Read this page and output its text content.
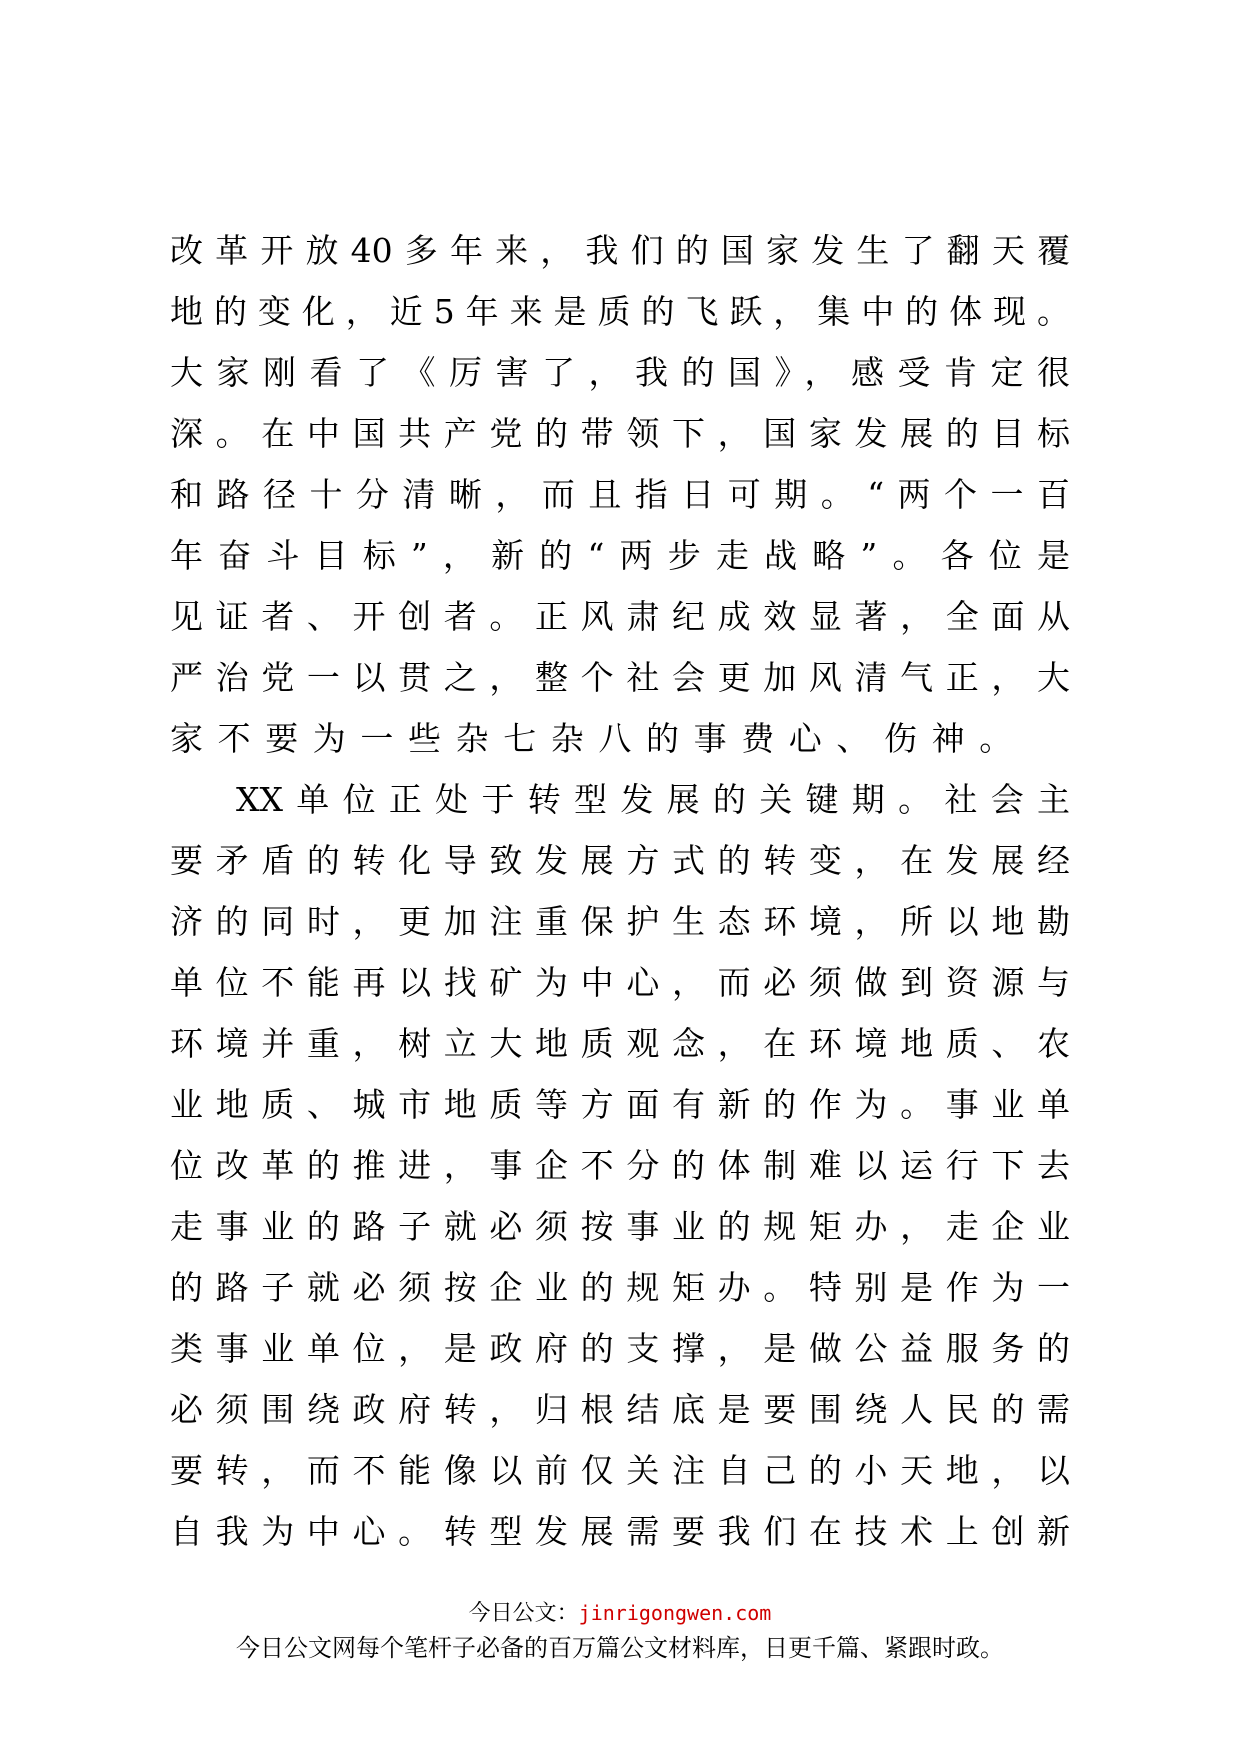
改革开放40多年来，我们的国家发生了翻天覆
地的变化，近5年来是质的飞跃，集中的体现。
大家刚看了《厉害了，我的国》，感受肯定很
深。在中国共产党的带领下，国家发展的目标
和路径十分清晰，而且指日可期。“两个一百
年奋斗目标”，新的“两步走战略”。各位是
见证者、开创者。正风肃纪成效显著，全面从
严治党一以贯之，整个社会更加风清气正，大
家不要为一些杂七杂八的事费心、伤神。
XX单位正处于转型发展的关键期。社会主
要矛盾的转化导致发展方式的转变，在发展经
济的同时，更加注重保护生态环境，所以地勘
单位不能再以找矿为中心，而必须做到资源与
环境并重，树立大地质观念，在环境地质、农
业地质、城市地质等方面有新的作为。事业单
位改革的推进，事企不分的体制难以运行下去
走事业的路子就必须按事业的规矩办，走企业
的路子就必须按企业的规矩办。特别是作为一
类事业单位，是政府的支撑，是做公益服务的
必须围绕政府转，归根结底是要围绕人民的需
要转，而不能像以前仅关注自己的小天地，以
自我为中心。转型发展需要我们在技术上创新
今日公文：jinrigongwen.com
今日公文网每个笔杆子必备的百万篇公文材料库，日更千篇、紧跟时政。
